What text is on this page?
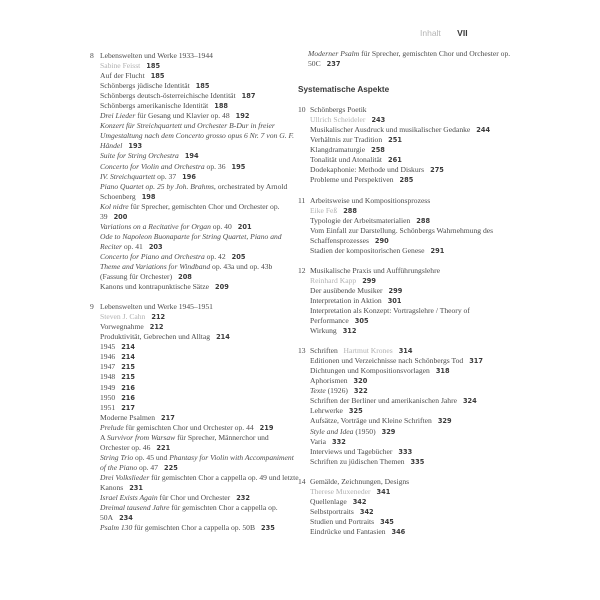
Inhalt VII
8 Lebenswelten und Werke 1933–1944
Sabine Feisst 185
Auf der Flucht 185
Schönbergs jüdische Identität 185
Schönbergs deutsch-österreichische Identität 187
Schönbergs amerikanische Identität 188
Drei Lieder für Gesang und Klavier op. 48 192
Konzert für Streichquartett und Orchester B-Dur in freier Umgestaltung nach dem Concerto grosso opus 6 Nr. 7 von G. F. Händel 193
Suite for String Orchestra 194
Concerto for Violin and Orchestra op. 36 195
IV. Streichquartett op. 37 196
Piano Quartet op. 25 by Joh. Brahms, orchestrated by Arnold Schoenberg 198
Kol nidre für Sprecher, gemischten Chor und Orchester op. 39 200
Variations on a Recitative for Organ op. 40 201
Ode to Napoleon Buonaparte for String Quartet, Piano and Reciter op. 41 203
Concerto for Piano and Orchestra op. 42 205
Theme and Variations for Windband op. 43a und op. 43b (Fassung für Orchester) 208
Kanons und kontrapunktische Sätze 209
9 Lebenswelten und Werke 1945–1951
Steven J. Cahn 212
Vorwegnahme 212
Produktivität, Gebrechen und Alltag 214
1945 214
1946 214
1947 215
1948 215
1949 216
1950 216
1951 217
Moderne Psalmen 217
Prelude für gemischten Chor und Orchester op. 44 219
A Survivor from Warsaw für Sprecher, Männerchor und Orchester op. 46 221
String Trio op. 45 und Phantasy for Violin with Accompaniment of the Piano op. 47 225
Drei Volkslieder für gemischten Chor a cappella op. 49 und letzte Kanons 231
Israel Exists Again für Chor und Orchester 232
Dreimal tausend Jahre für gemischten Chor a cappella op. 50A 234
Psalm 130 für gemischten Chor a cappella op. 50B 235
Moderner Psalm für Sprecher, gemischten Chor und Orchester op. 50C 237
Systematische Aspekte
10 Schönbergs Poetik
Ullrich Scheideler 243
Musikalischer Ausdruck und musikalischer Gedanke 244
Verhältnis zur Tradition 251
Klangdramaturgie 258
Tonalität und Atonalität 261
Dodekaphonie: Methode und Diskurs 275
Probleme und Perspektiven 285
11 Arbeitsweise und Kompositionsprozess
Eike Feß 288
Typologie der Arbeitsmaterialien 288
Vom Einfall zur Darstellung. Schönbergs Wahrnehmung des Schaffensprozesses 290
Stadien der kompositorischen Genese 291
12 Musikalische Praxis und Aufführungslehre
Reinhard Kapp 299
Der ausübende Musiker 299
Interpretation in Aktion 301
Interpretation als Konzept: Vortragslehre / Theory of Performance 305
Wirkung 312
13 Schriften Hartmut Krones 314
Editionen und Verzeichnisse nach Schönbergs Tod 317
Dichtungen und Kompositionsvorlagen 318
Aphorismen 320
Texte (1926) 322
Schriften der Berliner und amerikanischen Jahre 324
Lehrwerke 325
Aufsätze, Vorträge und Kleine Schriften 329
Style and Idea (1950) 329
Varia 332
Interviews und Tagebücher 333
Schriften zu jüdischen Themen 335
14 Gemälde, Zeichnungen, Designs
Therese Muxeneder 341
Quellenlage 342
Selbstportraits 342
Studien und Portraits 345
Eindrücke und Fantasien 346
